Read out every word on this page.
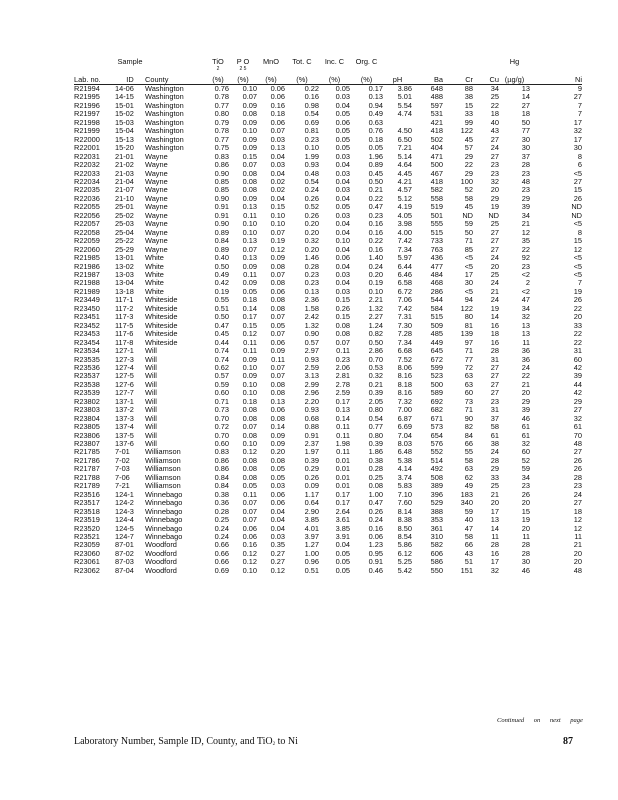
	Sample		TiO	P O	MnO	Tot. C	Inc. C	Org. C					Hg	
			2	2 5										
Lab. no.	ID	County	(%)	(%)	(%)	(%)	(%)	(%)	pH	Ba	Cr	Cu	(µg/g)	Ni
R21994	14-06	Washington	0.76	0.10	0.06	0.22	0.05	0.17	3.86	648	88	34	13	9
R21995	14-15	Washington	0.78	0.07	0.06	0.16	0.03	0.13	5.01	488	38	25	14	27
R21996	15-01	Washington	0.77	0.09	0.16	0.98	0.04	0.94	5.54	597	15	22	27	7
R21997	15-02	Washington	0.80	0.08	0.18	0.54	0.05	0.49	4.74	531	33	18	18	7
R21998	15-03	Washington	0.79	0.09	0.06	0.69	0.06	0.63		421	99	40	50	17
R21999	15-04	Washington	0.78	0.10	0.07	0.81	0.05	0.76	4.50	418	122	43	77	32
R22000	15-13	Washington	0.77	0.09	0.03	0.23	0.05	0.18	6.50	502	45	27	30	17
R22001	15-20	Washington	0.75	0.09	0.13	0.10	0.05	0.05	7.21	404	57	24	30	30
R22031	21-01	Wayne	0.83	0.15	0.04	1.99	0.03	1.96	5.14	471	29	27	37	8
R22032	21-02	Wayne	0.86	0.07	0.03	0.93	0.04	0.89	4.64	500	22	23	28	6
R22033	21-03	Wayne	0.90	0.08	0.04	0.48	0.03	0.45	4.45	467	29	23	23	<5
R22034	21-04	Wayne	0.85	0.08	0.02	0.54	0.04	0.50	4.21	418	100	32	48	27
R22035	21-07	Wayne	0.85	0.08	0.02	0.24	0.03	0.21	4.57	582	52	20	23	15
R22036	21-10	Wayne	0.90	0.09	0.04	0.26	0.04	0.22	5.12	558	58	29	29	26
R22055	25-01	Wayne	0.91	0.13	0.15	0.52	0.05	0.47	4.19	519	45	19	39	ND
R22056	25-02	Wayne	0.91	0.11	0.10	0.26	0.03	0.23	4.05	501	ND	ND	34	ND
R22057	25-03	Wayne	0.90	0.10	0.10	0.20	0.04	0.16	3.98	555	59	25	21	<5
R22058	25-04	Wayne	0.89	0.10	0.07	0.20	0.04	0.16	4.00	515	50	27	12	8
R22059	25-22	Wayne	0.84	0.13	0.19	0.32	0.10	0.22	7.42	733	71	27	35	15
R22060	25-29	Wayne	0.89	0.07	0.12	0.20	0.04	0.16	7.34	763	85	27	22	12
R21985	13-01	White	0.40	0.13	0.09	1.46	0.06	1.40	5.97	436	<5	24	92	<5
R21986	13-02	White	0.50	0.09	0.08	0.28	0.04	0.24	6.44	477	<5	20	23	<5
R21987	13-03	White	0.49	0.11	0.07	0.23	0.03	0.20	6.46	484	17	25	<2	<5
R21988	13-04	White	0.42	0.09	0.08	0.23	0.04	0.19	6.58	468	30	24	2	7
R21989	13-18	White	0.19	0.05	0.06	0.13	0.03	0.10	6.72	286	<5	21	<2	19
R23449	117-1	Whiteside	0.55	0.18	0.08	2.36	0.15	2.21	7.06	544	94	24	47	26
R23450	117-2	Whiteside	0.51	0.14	0.08	1.58	0.26	1.32	7.42	584	122	19	34	22
R23451	117-3	Whiteside	0.50	0.17	0.07	2.42	0.15	2.27	7.31	515	80	14	32	20
R23452	117-5	Whiteside	0.47	0.15	0.05	1.32	0.08	1.24	7.30	509	81	16	13	33
R23453	117-6	Whiteside	0.45	0.12	0.07	0.90	0.08	0.82	7.28	485	139	18	13	22
R23454	117-8	Whiteside	0.44	0.11	0.06	0.57	0.07	0.50	7.34	449	97	16	11	22
R23534	127-1	Will	0.74	0.11	0.09	2.97	0.11	2.86	6.68	645	71	28	36	31
R23535	127-3	Will	0.74	0.09	0.11	0.93	0.23	0.70	7.52	672	77	31	36	60
R23536	127-4	Will	0.62	0.10	0.07	2.59	2.06	0.53	8.06	599	72	27	24	42
R23537	127-5	Will	0.57	0.09	0.07	3.13	2.81	0.32	8.16	523	63	27	22	39
R23538	127-6	Will	0.59	0.10	0.08	2.99	2.78	0.21	8.18	500	63	27	21	44
R23539	127-7	Will	0.60	0.10	0.08	2.96	2.59	0.39	8.16	589	60	27	20	42
R23802	137-1	Will	0.71	0.18	0.13	2.20	0.17	2.05	7.32	692	73	23	29	29
R23803	137-2	Will	0.73	0.08	0.06	0.93	0.13	0.80	7.00	682	71	31	39	27
R23804	137-3	Will	0.70	0.08	0.08	0.68	0.14	0.54	6.87	671	90	37	46	32
R23805	137-4	Will	0.72	0.07	0.14	0.88	0.11	0.77	6.69	573	82	58	61	61
R23806	137-5	Will	0.70	0.08	0.09	0.91	0.11	0.80	7.04	654	84	61	61	70
R23807	137-6	Will	0.60	0.10	0.09	2.37	1.98	0.39	8.03	576	66	38	32	48
R21785	7-01	Williamson	0.83	0.12	0.20	1.97	0.11	1.86	6.48	552	55	24	60	27
R21786	7-02	Williamson	0.86	0.08	0.08	0.39	0.01	0.38	5.38	514	58	28	52	26
R21787	7-03	Williamson	0.86	0.08	0.05	0.29	0.01	0.28	4.14	492	63	29	59	26
R21788	7-06	Williamson	0.84	0.08	0.05	0.26	0.01	0.25	3.74	508	62	33	34	28
R21789	7-21	Williamson	0.84	0.05	0.03	0.09	0.01	0.08	5.83	389	49	25	23	23
R23516	124-1	Winnebago	0.38	0.11	0.06	1.17	0.17	1.00	7.10	396	183	21	26	24
R23517	124-2	Winnebago	0.36	0.07	0.06	0.64	0.17	0.47	7.60	529	340	20	20	27
R23518	124-3	Winnebago	0.28	0.07	0.04	2.90	2.64	0.26	8.14	388	59	17	15	18
R23519	124-4	Winnebago	0.25	0.07	0.04	3.85	3.61	0.24	8.38	353	40	13	19	12
R23520	124-5	Winnebago	0.24	0.06	0.04	4.01	3.85	0.16	8.50	361	47	14	20	12
R23521	124-7	Winnebago	0.24	0.06	0.03	3.97	3.91	0.06	8.54	310	58	11	11	11
R23059	87-01	Woodford	0.66	0.16	0.35	1.27	0.04	1.23	5.86	582	66	28	28	21
R23060	87-02	Woodford	0.66	0.12	0.27	1.00	0.05	0.95	6.12	606	43	16	28	20
R23061	87-03	Woodford	0.66	0.12	0.27	0.96	0.05	0.91	5.25	586	51	17	30	20
R23062	87-04	Woodford	0.69	0.10	0.12	0.51	0.05	0.46	5.42	550	151	32	46	48
Continued on next page
Laboratory Number, Sample ID, County, and TiO$_2$ to Ni	87
